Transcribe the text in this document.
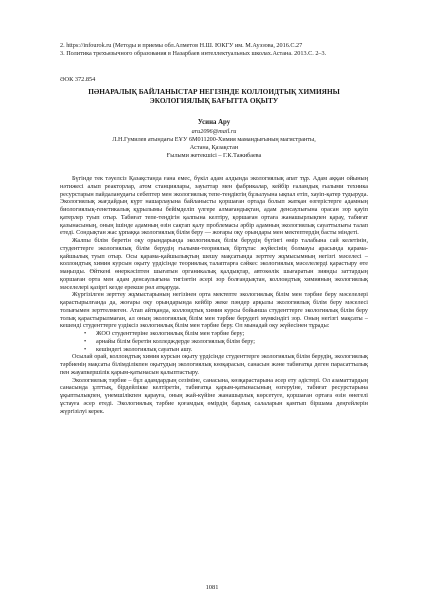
2. https://infourok.ru (Методы и приемы обл.Алметов Н.Ш. ЮКГУ им. М.Ауэзова, 2016.С.27

3. Политика трехъязычного образования в Назарбаев интеллектуальных школах.Астана. 2013.С. 2–3.

ӘОК 372.854
ПӘНАРАЛЫҚ БАЙЛАНЫСТАР НЕГІЗІНДЕ КОЛЛОИДТЫҚ ХИМИЯНЫ
ЭКОЛОГИЯЛЫҚ БАҒЫТТА ОҚЫТУ
Усина Ару
aru2096@mail.ru
Л.Н.Гумилев атындағы ЕҰУ 6М011200-Химия мамандығының магистранты,
Астана, Қазақстан
Ғылыми жетекшісі – Г.К.Тажибаева

Бүгінде тек тәуелсіз Қазақстанда ғана емес, бүкіл адам алдында экологиялық апат тұр. Адам аққан ойының нәтижесі алып реакторлар, атом станциялары, зауыттар мен фабрикалар, кейбір ғаламдық ғылыми техника ресурстарын пайдаланудағы себептер мен экологиялық тепе-теңдіктің бұзылуына ықпал етіп, хауіп-қатер тудыруда. Экологиялық жағдайдың күрт нашарлауына байланысты қоршаған ортада болып жатқан өзгерістерге адамның биологиялық-генетикалық құрылымы бейімделіп үлгере алмағандықтан, адам денсаулығына орасан зор қауіп қатерлер туып отыр. Табиғат тепе-теңдігін қалпына келтіру, қоршаған ортаға жанашырлықпен қарау, табиғат қазынасының, оның ішінде адамның өзін сақтап қалу проблемасы әрбір адамның экологиялық сауаттылығы талап етеді. Сондықтан жас ұрпаққа экологиялық білім беру — жоғары оқу орындары мен мектептердің басты міндеті.

Жалпы білім беретін оқу орындарында экологиялық білім берудің бүгінгі өмір талабына сай келетінін, студенттерге экологиялық білім берудің ғылыми-теориялық біртұтас жүйесінің болмауы арасында қарама-қайшылық туып отыр. Осы қарама-қайшылықтың шешу мақсатында зерттеу жұмысымның негізгі мәселесі – коллоидтық химия курсын оқыту үрдісінде теориялық талаптарға сәйкес экологиялық мәселелерді қарастыру өте маңызды. Өйткені өнеркәсіптен шығатын органикалық қалдықтар, автокөлік шығаратын зиянды заттардың қоршаған орта мен адам денсаулығына тигізетін әсері зор болғандықтан, коллоидтық химияның экологиялық мәселелері қазіргі кезде ерекше рөл атқаруда.

Жүргізілген зерттеу жұмыстарының негізінен орта мектепте экологиялық білім мен тәрбие беру мәселелері қарастырылғанда да, жоғары оқу орындарында кейбір жеке пәндер арқылы экологиялық білім беру мәселесі толығымен зерттелмеген. Атап айтқанда, коллоидтық химия курсы бойынша студенттерге экологиялық білім беру толық қарастырылмаған, ал оның экологиялық білім мен тәрбие берудегі мүмкіндігі зор. Оның негізгі мақсаты – кешенді студенттерге үздіксіз экологиялық білім мен тәрбие беру. Ол мынадай оқу жүйесінен тұрады:

• ЖОО студенттеріне экологиялық білім мен тәрбие беру;
• арнайы білім беретін колледждерде экологиялық білім беру;
• кешіндегі экологиялық сауатын ашу.

Осылай орай, коллоидтық химия курсын оқыту үрдісінде студенттерге экологиялық білім берудің, экологиялық тәрбиенің мақсаты білімділікпен оқытудың экологиялық көзқарасын, санасын және табиғатқа деген парасаттылық пен жауапкершілік қарым-қатынасын қалыптастыру.

Экологиялық тәрбие – бұл адамдардың сезіміне, санасына, көзқарастарына әсер ету әдістері. Ол азаматтардың санасында ұлттық, бірдейлікке келтіретін, табиғатқа қарым-қатынасының өзгеруіне, табиғат ресурстарына ұқыптылықпен, үнемшілікпен қарауға, оның жай-күйіне жанашырлық көрсетуге, қоршаған ортаға өзін өнегелі ұстауға әсер етеді. Экологиялық тәрбие қоғамдық өмірдің барлық салаларын қамтып біршама деңгейлерін жүргізілуі керек.

1081
